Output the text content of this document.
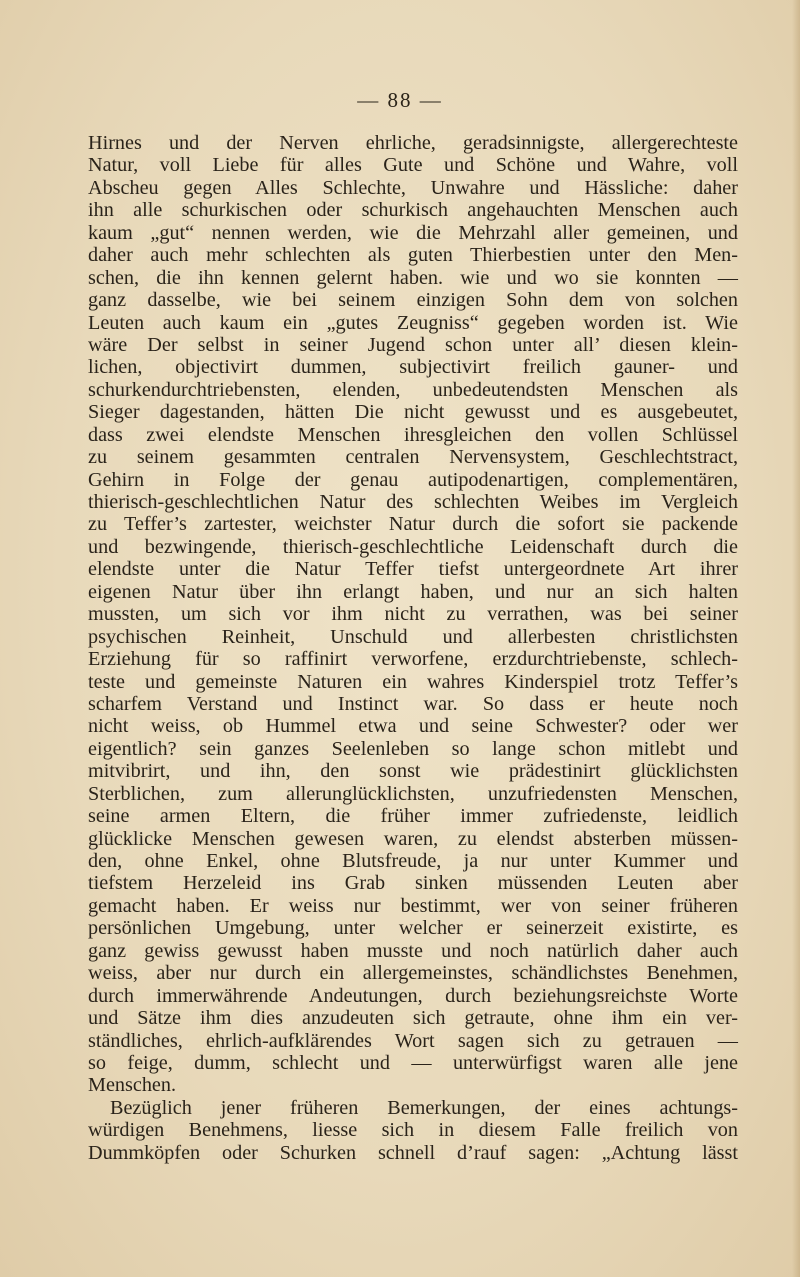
— 88 —
Hirnes und der Nerven ehrliche, geradsinnigste, allergerechteste
Natur, voll Liebe für alles Gute und Schöne und Wahre, voll
Abscheu gegen Alles Schlechte, Unwahre und Hässliche: daher
ihn alle schurkischen oder schurkisch angehauchten Menschen auch
kaum „gut“ nennen werden, wie die Mehrzahl aller gemeinen, und
daher auch mehr schlechten als guten Thierbestien unter den Men-
schen, die ihn kennen gelernt haben. wie und wo sie konnten —
ganz dasselbe, wie bei seinem einzigen Sohn dem von solchen
Leuten auch kaum ein „gutes Zeugniss“ gegeben worden ist. Wie
wäre Der selbst in seiner Jugend schon unter all’ diesen klein-
lichen, objectivirt dummen, subjectivirt freilich gauner- und
schurkendurchtriebensten, elenden, unbedeutendsten Menschen als
Sieger dagestanden, hätten Die nicht gewusst und es ausgebeutet,
dass zwei elendste Menschen ihresgleichen den vollen Schlüssel
zu seinem gesammten centralen Nervensystem, Geschlechtstract,
Gehirn in Folge der genau autipodenartigen, complementären,
thierisch-geschlechtlichen Natur des schlechten Weibes im Vergleich
zu Teffer’s zartester, weichster Natur durch die sofort sie packende
und bezwingende, thierisch-geschlechtliche Leidenschaft durch die
elendste unter die Natur Teffer tiefst untergeordnete Art ihrer
eigenen Natur über ihn erlangt haben, und nur an sich halten
mussten, um sich vor ihm nicht zu verrathen, was bei seiner
psychischen Reinheit, Unschuld und allerbesten christlichsten
Erziehung für so raffinirt verworfene, erzdurchtriebenste, schlech-
teste und gemeinste Naturen ein wahres Kinderspiel trotz Teffer’s
scharfem Verstand und Instinct war. So dass er heute noch
nicht weiss, ob Hummel etwa und seine Schwester? oder wer
eigentlich? sein ganzes Seelenleben so lange schon mitlebt und
mitvibrirt, und ihn, den sonst wie prädestinirt glücklichsten
Sterblichen, zum allerunglücklichsten, unzufriedensten Menschen,
seine armen Eltern, die früher immer zufriedenste, leidlich
glücklicke Menschen gewesen waren, zu elendst absterben müssen-
den, ohne Enkel, ohne Blutsfreude, ja nur unter Kummer und
tiefstem Herzeleid ins Grab sinken müssenden Leuten aber
gemacht haben. Er weiss nur bestimmt, wer von seiner früheren
persönlichen Umgebung, unter welcher er seinerzeit existirte, es
ganz gewiss gewusst haben musste und noch natürlich daher auch
weiss, aber nur durch ein allergemeinstes, schändlichstes Benehmen,
durch immerwährende Andeutungen, durch beziehungsreichste Worte
und Sätze ihm dies anzudeuten sich getraute, ohne ihm ein ver-
ständliches, ehrlich-aufklärendes Wort sagen sich zu getrauen —
so feige, dumm, schlecht und — unterwürfigst waren alle jene
Menschen.
Bezüglich jener früheren Bemerkungen, der eines achtungs-
würdigen Benehmens, liesse sich in diesem Falle freilich von
Dummköpfen oder Schurken schnell d’rauf sagen: „Achtung lässt
